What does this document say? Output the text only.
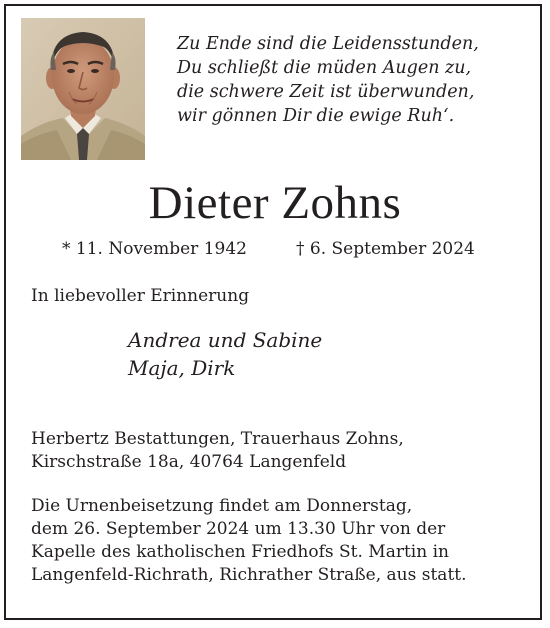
Zu Ende sind die Leidensstunden,
Du schließt die müden Augen zu,
die schwere Zeit ist überwunden,
wir gönnen Dir die ewige Ruh‘.
Dieter Zohns
* 11. November 1942	† 6. September 2024
In liebevoller Erinnerung
Andrea und Sabine
Maja, Dirk
Herbertz Bestattungen, Trauerhaus Zohns,
Kirschstraße 18a, 40764 Langenfeld
Die Urnenbeisetzung findet am Donnerstag,
dem 26. September 2024 um 13.30 Uhr von der
Kapelle des katholischen Friedhofs St. Martin in
Langenfeld-Richrath, Richrather Straße, aus statt.
